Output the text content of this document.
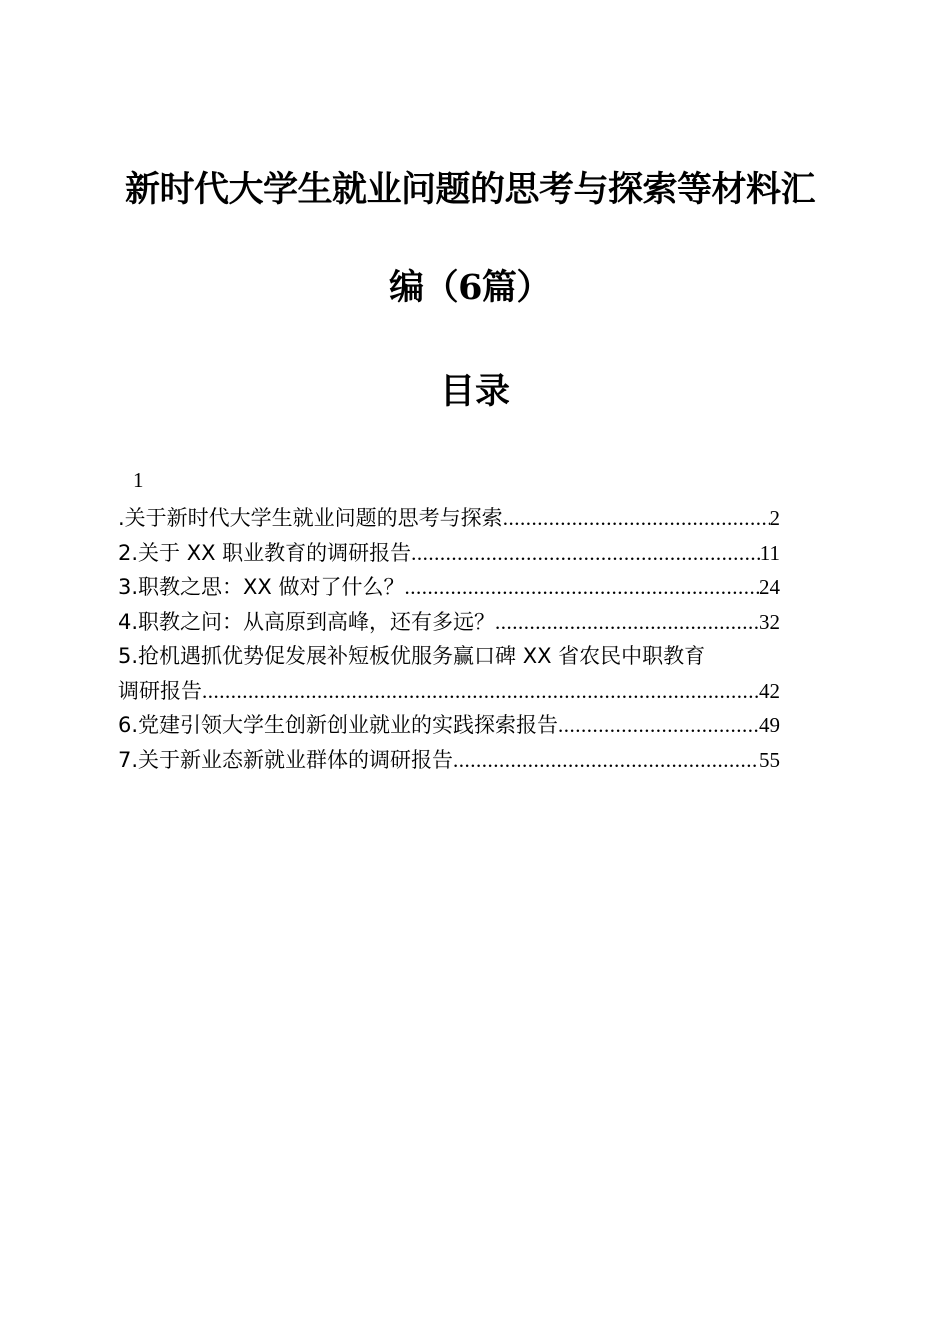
新时代大学生就业问题的思考与探索等材料汇
编（6篇）
目录
1
.关于新时代大学生就业问题的思考与探索 .....	2
2.关于 XX 职业教育的调研报告 .....	11
3.职教之思：XX 做对了什么？ .....	24
4.职教之问：从高原到高峰，还有多远？ .....	32
5.抢机遇抓优势促发展补短板优服务赢口碑 XX 省农民中职教育
调研报告 .....	42
6.党建引领大学生创新创业就业的实践探索报告 .....	49
7.关于新业态新就业群体的调研报告 .....	55
